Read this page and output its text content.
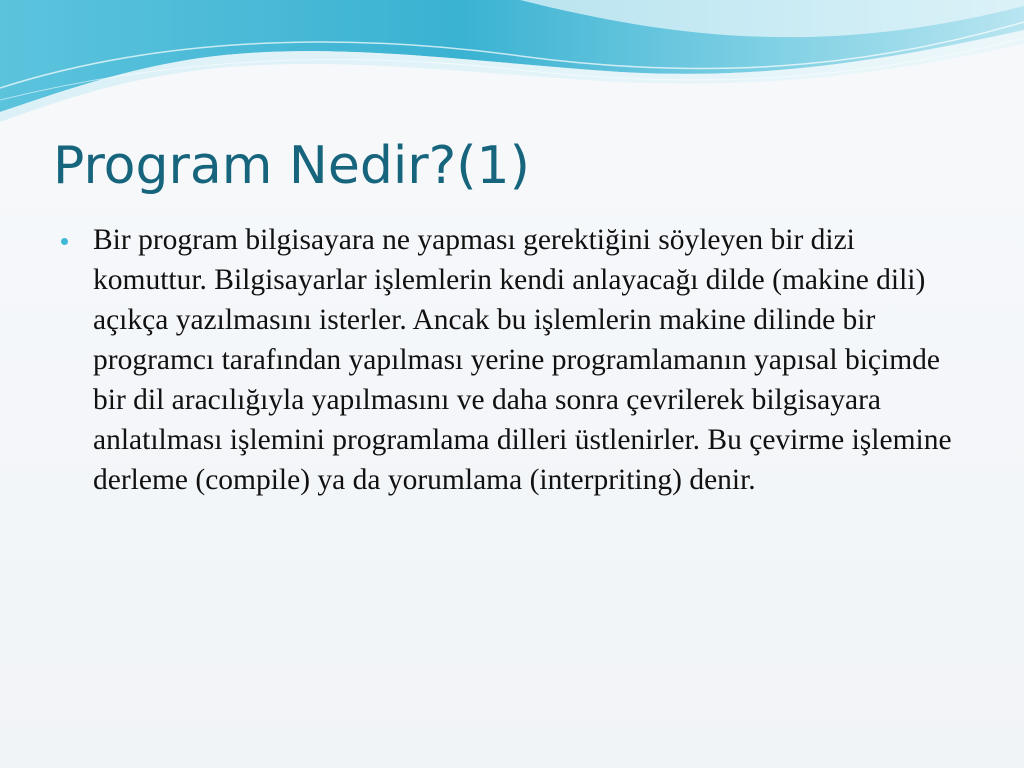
Program Nedir?(1)
Bir program bilgisayara ne yapması gerektiğini söyleyen bir dizi komuttur. Bilgisayarlar işlemlerin kendi anlayacağı dilde (makine dili) açıkça yazılmasını isterler. Ancak bu işlemlerin makine dilinde bir programcı tarafından yapılması yerine programlamanın yapısal biçimde bir dil aracılığıyla yapılmasını ve daha sonra çevrilerek bilgisayara anlatılması işlemini programlama dilleri üstlenirler. Bu çevirme işlemine derleme (compile) ya da yorumlama (interpriting) denir.
